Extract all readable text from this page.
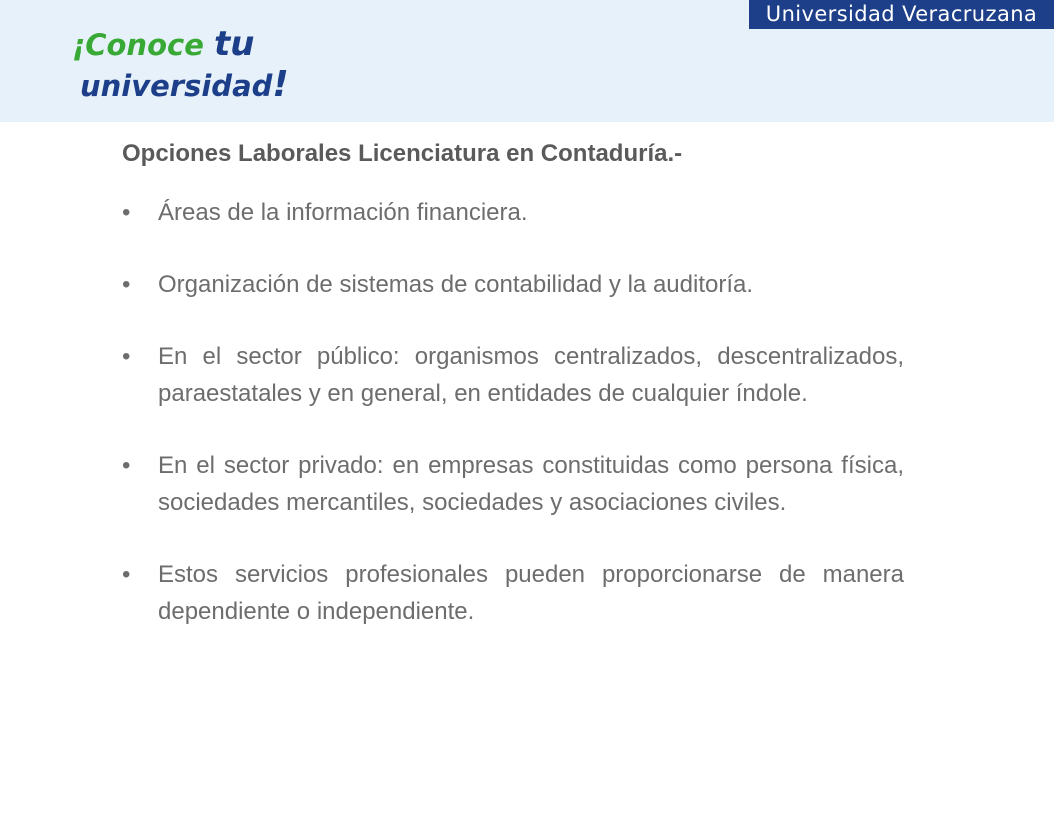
Universidad Veracruzana
¡Conoce tu
universidad!
Opciones Laborales Licenciatura en Contaduría.-
•	Áreas de la información financiera.
•	Organización de sistemas de contabilidad y la auditoría.
•	En el sector público: organismos centralizados, descentralizados, paraestatales y en general, en entidades de cualquier índole.
•	En el sector privado: en empresas constituidas como persona física, sociedades mercantiles, sociedades y asociaciones civiles.
•	Estos servicios profesionales pueden proporcionarse de manera dependiente o independiente.
